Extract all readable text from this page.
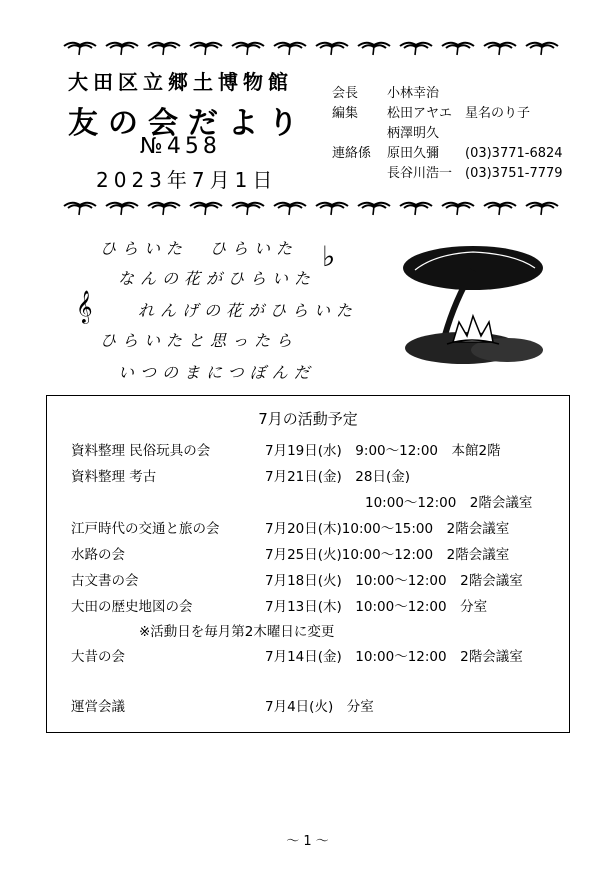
大田区立郷土博物館
友の会だより
№458
2023年7月1日
会長 小林幸治
編集 松田アヤエ　星名のり子
柄澤明久
連絡係 原田久彌　　(03)3771-6824
長谷川浩一　(03)3751-7779
ひらいた　ひらいた
なんの花がひらいた
れんげの花がひらいた
ひらいたと思ったら
いつのまにつぼんだ
♭
𝄞
7月の活動予定
資料整理 民俗玩具の会	7月19日(水)　9:00～12:00　本館2階
資料整理 考古	7月21日(金)　28日(金)
10:00～12:00　2階会議室
江戸時代の交通と旅の会	7月20日(木)10:00～15:00　2階会議室
水路の会	7月25日(火)10:00～12:00　2階会議室
古文書の会	7月18日(火)　10:00～12:00　2階会議室
大田の歴史地図の会	7月13日(木)　10:00～12:00　分室
※活動日を毎月第2木曜日に変更
大昔の会	7月14日(金)　10:00～12:00　2階会議室
運営会議	7月4日(火)　分室
～ 1 ～
